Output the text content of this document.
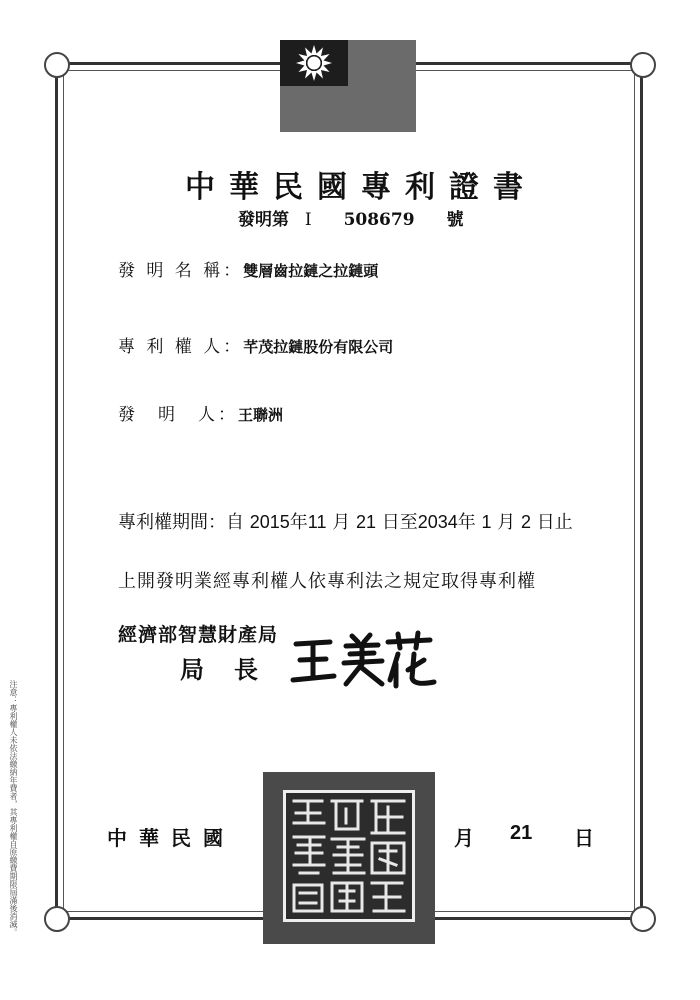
中華民國專利證書
發明第 I 508679 號
發 明 名 稱：雙層齒拉鏈之拉鏈頭
專 利 權 人：芊茂拉鏈股份有限公司
發　明　人：王聯洲
專利權期間：自 2015年11 月 21 日至2034年 1 月 2 日止
上開發明業經專利權人依專利法之規定取得專利權
經濟部智慧財產局
局長
中華民國	月 21 日
注意：專利權人未依法繳納年費者，其專利權自原繳費期限屆滿後消滅。
